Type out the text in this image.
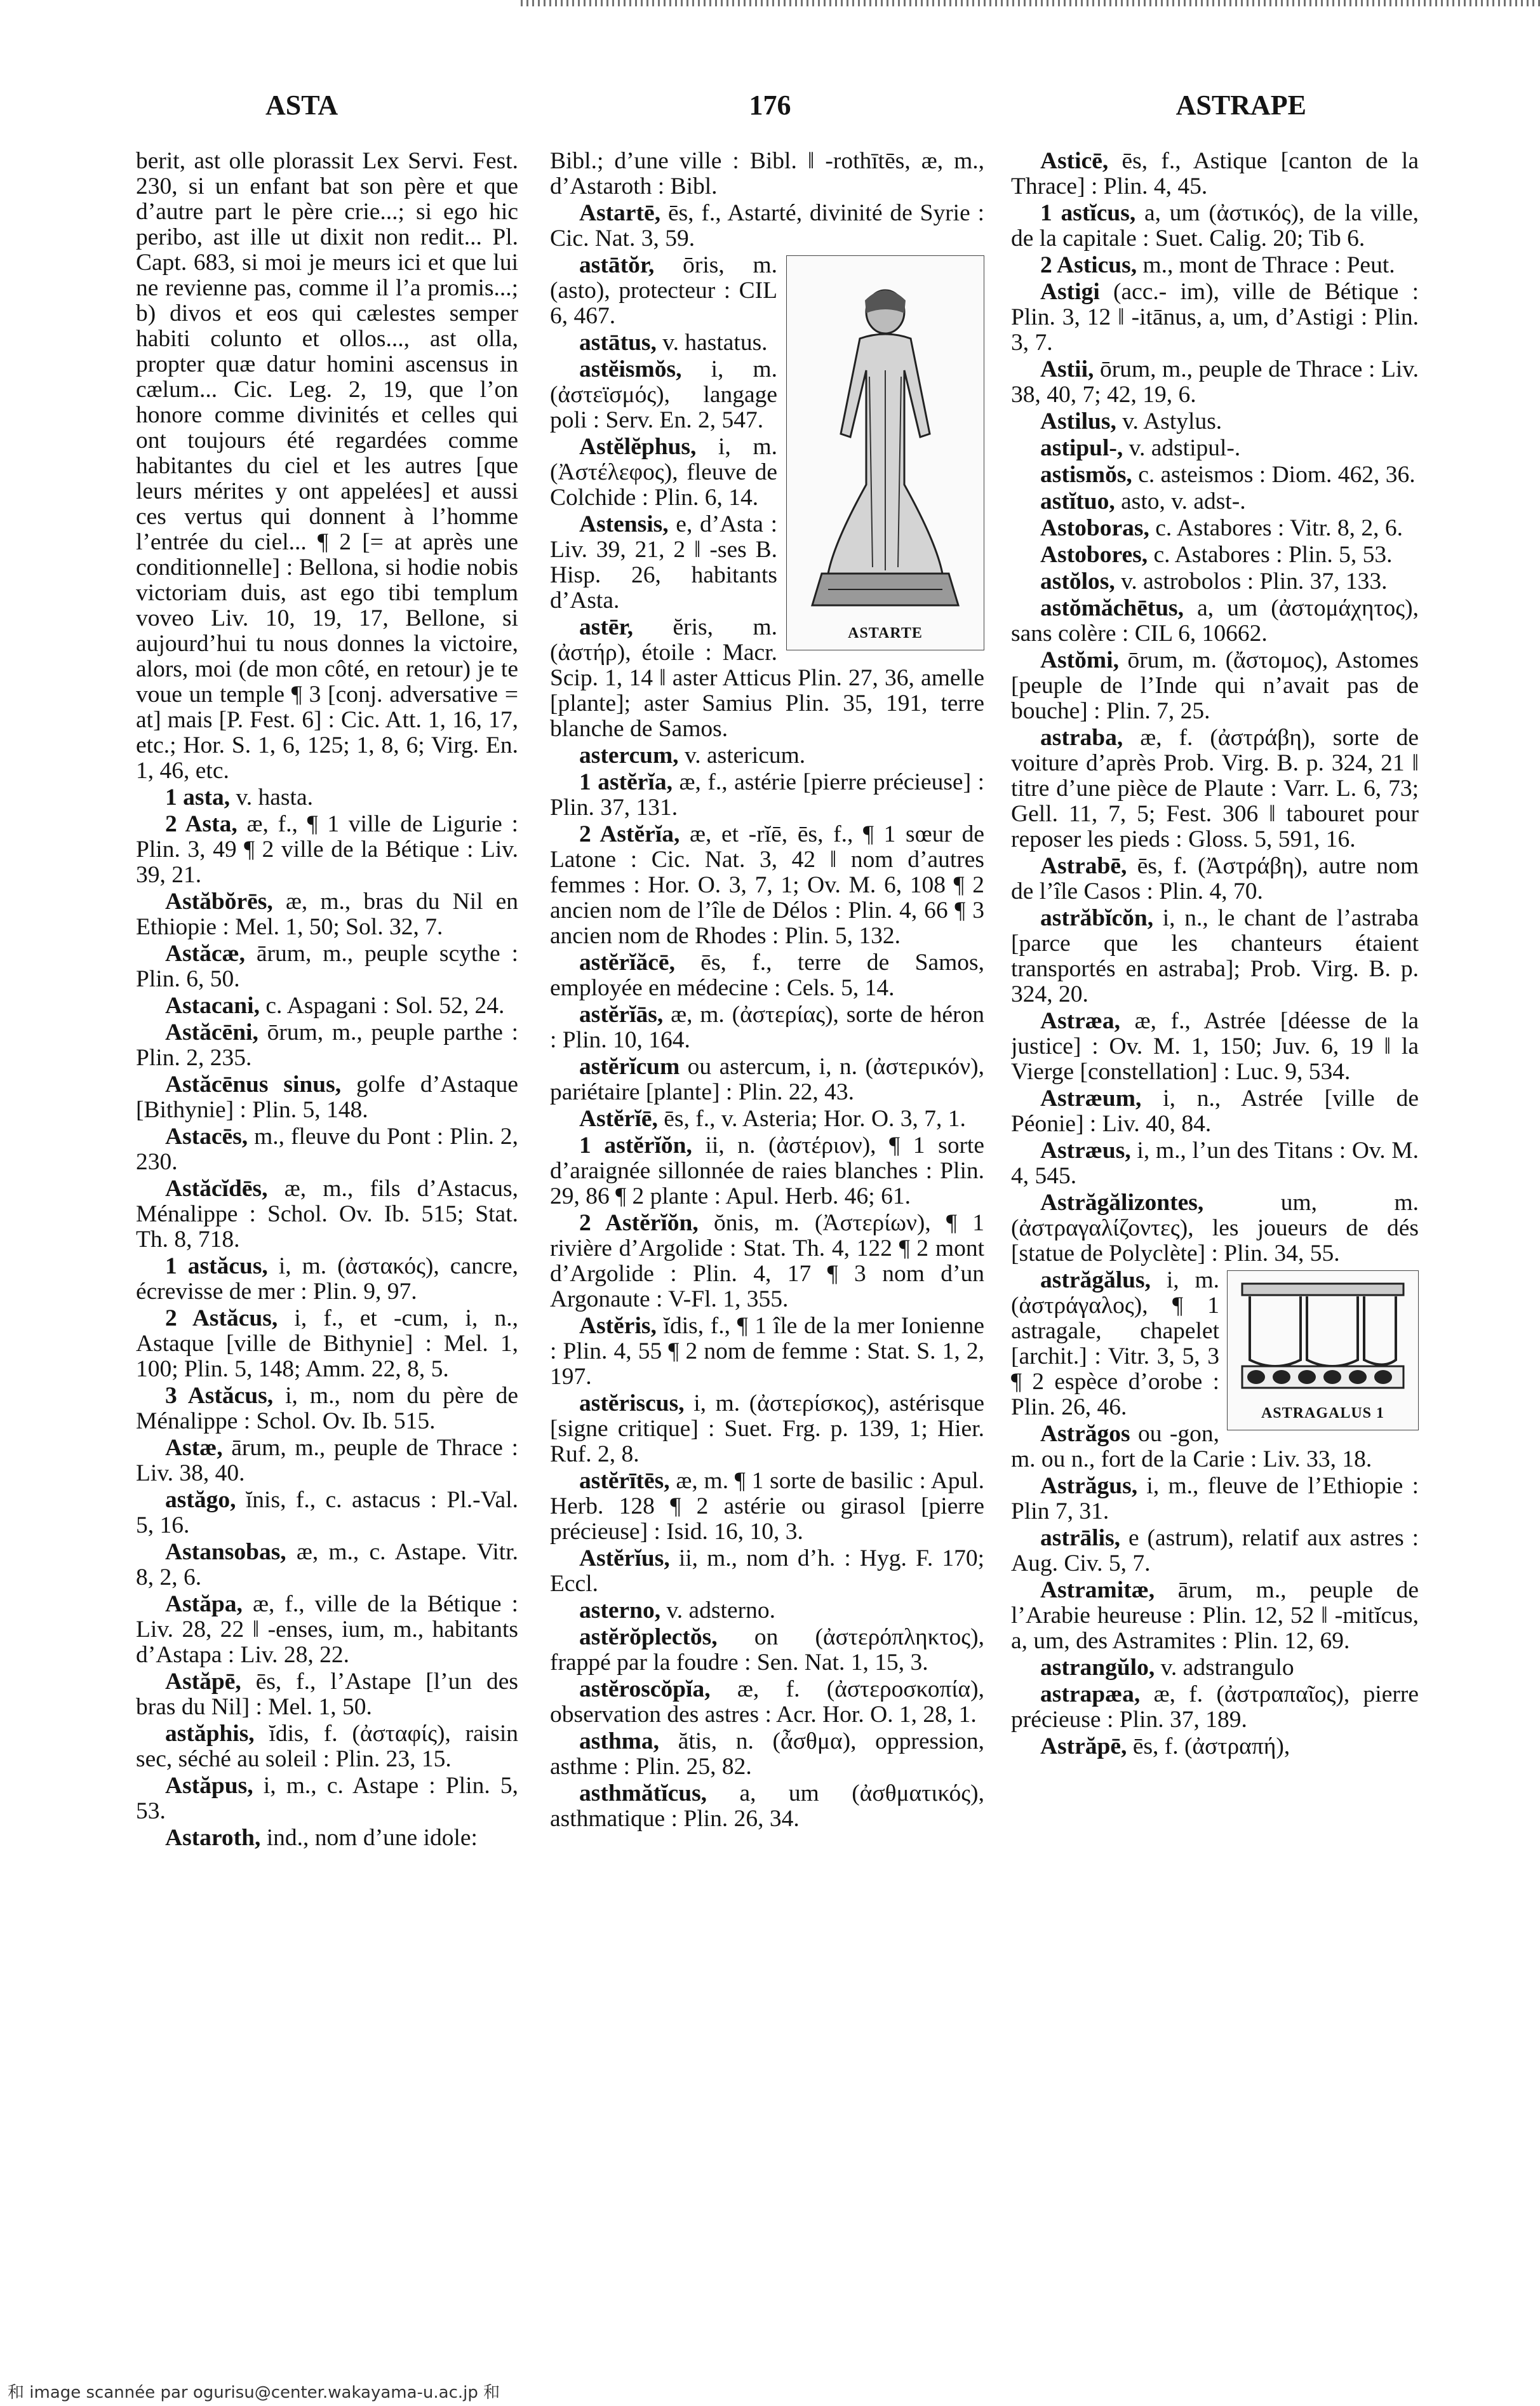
ASTA	176	ASTRAPE
berit, ast olle plorassit Lex Servi. Fest. 230, si un enfant bat son père et que d’autre part le père crie...; si ego hic peribo, ast ille ut dixit non redit... Pl. Capt. 683, si moi je meurs ici et que lui ne revienne pas, comme il l’a promis...; b) divos et eos qui cælestes semper habiti colunto et ollos..., ast olla, propter quæ datur homini ascensus in cælum... Cic. Leg. 2, 19, que l’on honore comme divinités et celles qui ont toujours été regardées comme habitantes du ciel et les autres [que leurs mérites y ont appelées] et aussi ces vertus qui donnent à l’homme l’entrée du ciel... ¶ 2 [= at après une conditionnelle] : Bellona, si hodie nobis victoriam duis, ast ego tibi templum voveo Liv. 10, 19, 17, Bellone, si aujourd’hui tu nous donnes la victoire, alors, moi (de mon côté, en retour) je te voue un temple ¶ 3 [conj. adversative = at] mais [P. Fest. 6] : Cic. Att. 1, 16, 17, etc.; Hor. S. 1, 6, 125; 1, 8, 6; Virg. En. 1, 46, etc.
1 asta, v. hasta.
2 Asta, æ, f., ¶ 1 ville de Ligurie : Plin. 3, 49 ¶ 2 ville de la Bétique : Liv. 39, 21.
Astăbŏrēs, æ, m., bras du Nil en Ethiopie : Mel. 1, 50; Sol. 32, 7.
Astăcæ, ārum, m., peuple scythe : Plin. 6, 50.
Astacani, c. Aspagani : Sol. 52, 24.
Astăcēni, ōrum, m., peuple parthe : Plin. 2, 235.
Astăcēnus sinus, golfe d’Astaque [Bithynie] : Plin. 5, 148.
Astacēs, m., fleuve du Pont : Plin. 2, 230.
Astăcĭdēs, æ, m., fils d’Astacus, Ménalippe : Schol. Ov. Ib. 515; Stat. Th. 8, 718.
1 astăcus, i, m. (ἀστακός), cancre, écrevisse de mer : Plin. 9, 97.
2 Astăcus, i, f., et -cum, i, n., Astaque [ville de Bithynie] : Mel. 1, 100; Plin. 5, 148; Amm. 22, 8, 5.
3 Astăcus, i, m., nom du père de Ménalippe : Schol. Ov. Ib. 515.
Astæ, ārum, m., peuple de Thrace : Liv. 38, 40.
astăgo, ĭnis, f., c. astacus : Pl.-Val. 5, 16.
Astansobas, æ, m., c. Astape. Vitr. 8, 2, 6.
Astăpa, æ, f., ville de la Bétique : Liv. 28, 22 ‖ -enses, ium, m., habitants d’Astapa : Liv. 28, 22.
Astăpē, ēs, f., l’Astape [l’un des bras du Nil] : Mel. 1, 50.
astăphis, ĭdis, f. (ἀσταφίς), raisin sec, séché au soleil : Plin. 23, 15.
Astăpus, i, m., c. Astape : Plin. 5, 53.
Astaroth, ind., nom d’une idole:
Bibl.; d’une ville : Bibl. ‖ -rothītēs, æ, m., d’Astaroth : Bibl.
Astartē, ēs, f., Astarté, divinité de Syrie : Cic. Nat. 3, 59.
ASTARTE
astātŏr, ōris, m. (asto), protecteur : CIL 6, 467.
astātus, v. hastatus.
astĕismŏs, i, m. (ἀστεϊσμός), langage poli : Serv. En. 2, 547.
Astĕlĕphus, i, m. (Ἀστέλεφος), fleuve de Colchide : Plin. 6, 14.
Astensis, e, d’Asta : Liv. 39, 21, 2 ‖ -ses B. Hisp. 26, habitants d’Asta.
astēr, ĕris, m. (ἀστήρ), étoile : Macr. Scip. 1, 14 ‖ aster Atticus Plin. 27, 36, amelle [plante]; aster Samius Plin. 35, 191, terre blanche de Samos.
astercum, v. astericum.
1 astĕrĭa, æ, f., astérie [pierre précieuse] : Plin. 37, 131.
2 Astĕrĭa, æ, et -rĭē, ēs, f., ¶ 1 sœur de Latone : Cic. Nat. 3, 42 ‖ nom d’autres femmes : Hor. O. 3, 7, 1; Ov. M. 6, 108 ¶ 2 ancien nom de l’île de Délos : Plin. 4, 66 ¶ 3 ancien nom de Rhodes : Plin. 5, 132.
astĕrĭăcē, ēs, f., terre de Samos, employée en médecine : Cels. 5, 14.
astĕrĭās, æ, m. (ἀστερίας), sorte de héron : Plin. 10, 164.
astĕrĭcum ou astercum, i, n. (ἀστερικόν), pariétaire [plante] : Plin. 22, 43.
Astĕrĭē, ēs, f., v. Asteria; Hor. O. 3, 7, 1.
1 astĕrĭŏn, ii, n. (ἀστέριον), ¶ 1 sorte d’araignée sillonnée de raies blanches : Plin. 29, 86 ¶ 2 plante : Apul. Herb. 46; 61.
2 Astĕrĭŏn, ŏnis, m. (Ἀστερίων), ¶ 1 rivière d’Argolide : Stat. Th. 4, 122 ¶ 2 mont d’Argolide : Plin. 4, 17 ¶ 3 nom d’un Argonaute : V-Fl. 1, 355.
Astĕris, ĭdis, f., ¶ 1 île de la mer Ionienne : Plin. 4, 55 ¶ 2 nom de femme : Stat. S. 1, 2, 197.
astĕriscus, i, m. (ἀστερίσκος), astérisque [signe critique] : Suet. Frg. p. 139, 1; Hier. Ruf. 2, 8.
astĕrītēs, æ, m. ¶ 1 sorte de basilic : Apul. Herb. 128 ¶ 2 astérie ou girasol [pierre précieuse] : Isid. 16, 10, 3.
Astĕrĭus, ii, m., nom d’h. : Hyg. F. 170; Eccl.
asterno, v. adsterno.
astĕrŏplectŏs, on (ἀστερόπληκτος), frappé par la foudre : Sen. Nat. 1, 15, 3.
astĕroscŏpĭa, æ, f. (ἀστεροσκοπία), observation des astres : Acr. Hor. O. 1, 28, 1.
asthma, ătis, n. (ἆσθμα), oppression, asthme : Plin. 25, 82.
asthmătĭcus, a, um (ἀσθματικός), asthmatique : Plin. 26, 34.
Asticē, ēs, f., Astique [canton de la Thrace] : Plin. 4, 45.
1 astĭcus, a, um (ἀστικός), de la ville, de la capitale : Suet. Calig. 20; Tib 6.
2 Asticus, m., mont de Thrace : Peut.
Astigi (acc.- im), ville de Bétique : Plin. 3, 12 ‖ -itānus, a, um, d’Astigi : Plin. 3, 7.
Astii, ōrum, m., peuple de Thrace : Liv. 38, 40, 7; 42, 19, 6.
Astilus, v. Astylus.
astipul-, v. adstipul-.
astismŏs, c. asteismos : Diom. 462, 36.
astĭtuo, asto, v. adst-.
Astoboras, c. Astabores : Vitr. 8, 2, 6.
Astobores, c. Astabores : Plin. 5, 53.
astŏlos, v. astrobolos : Plin. 37, 133.
astŏmăchētus, a, um (ἀστομάχητος), sans colère : CIL 6, 10662.
Astŏmi, ōrum, m. (ἄστομος), Astomes [peuple de l’Inde qui n’avait pas de bouche] : Plin. 7, 25.
astraba, æ, f. (ἀστράβη), sorte de voiture d’après Prob. Virg. B. p. 324, 21 ‖ titre d’une pièce de Plaute : Varr. L. 6, 73; Gell. 11, 7, 5; Fest. 306 ‖ tabouret pour reposer les pieds : Gloss. 5, 591, 16.
Astrabē, ēs, f. (Ἀστράβη), autre nom de l’île Casos : Plin. 4, 70.
astrăbĭcŏn, i, n., le chant de l’astraba [parce que les chanteurs étaient transportés en astraba]; Prob. Virg. B. p. 324, 20.
Astræa, æ, f., Astrée [déesse de la justice] : Ov. M. 1, 150; Juv. 6, 19 ‖ la Vierge [constellation] : Luc. 9, 534.
Astræum, i, n., Astrée [ville de Péonie] : Liv. 40, 84.
Astræus, i, m., l’un des Titans : Ov. M. 4, 545.
Astrăgălizontes,	um, m. (ἀστραγαλίζοντες), les joueurs de dés [statue de Polyclète] : Plin. 34, 55.
ASTRAGALUS 1
astrăgălus, i, m. (ἀστράγαλος), ¶ 1 astragale, chapelet [archit.] : Vitr. 3, 5, 3 ¶ 2 espèce d’orobe : Plin. 26, 46.
Astrăgos ou -gon, m. ou n., fort de la Carie : Liv. 33, 18.
Astrăgus, i, m., fleuve de l’Ethiopie : Plin 7, 31.
astrālis, e (astrum), relatif aux astres : Aug. Civ. 5, 7.
Astramitæ, ārum, m., peuple de l’Arabie heureuse : Plin. 12, 52 ‖ -mitĭcus, a, um, des Astramites : Plin. 12, 69.
astrangŭlo, v. adstrangulo
astrapæa, æ, f. (ἀστραπαῖος), pierre précieuse : Plin. 37, 189.
Astrăpē, ēs, f. (ἀστραπή),
和 image scannée par ogurisu@center.wakayama-u.ac.jp 和
